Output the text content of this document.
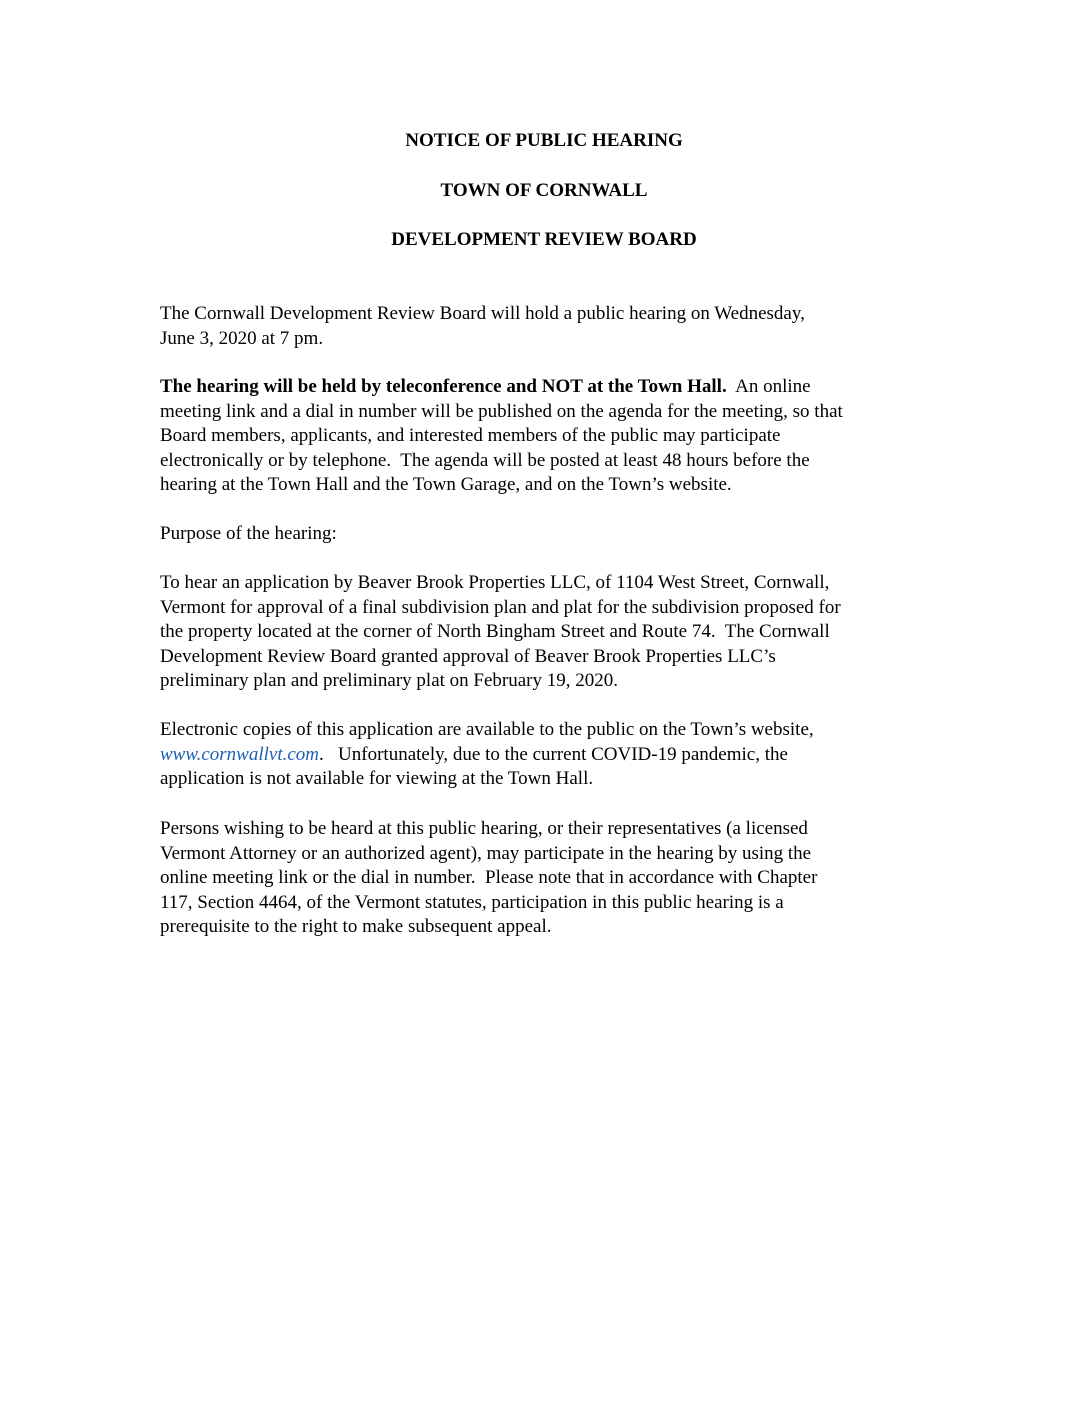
NOTICE OF PUBLIC HEARING
TOWN OF CORNWALL
DEVELOPMENT REVIEW BOARD
The Cornwall Development Review Board will hold a public hearing on Wednesday,
June 3, 2020 at 7 pm.
The hearing will be held by teleconference and NOT at the Town Hall.  An online
meeting link and a dial in number will be published on the agenda for the meeting, so that
Board members, applicants, and interested members of the public may participate
electronically or by telephone.  The agenda will be posted at least 48 hours before the
hearing at the Town Hall and the Town Garage, and on the Town’s website.
Purpose of the hearing:
To hear an application by Beaver Brook Properties LLC, of 1104 West Street, Cornwall,
Vermont for approval of a final subdivision plan and plat for the subdivision proposed for
the property located at the corner of North Bingham Street and Route 74.  The Cornwall
Development Review Board granted approval of Beaver Brook Properties LLC’s
preliminary plan and preliminary plat on February 19, 2020.
Electronic copies of this application are available to the public on the Town’s website,
www.cornwallvt.com.   Unfortunately, due to the current COVID-19 pandemic, the
application is not available for viewing at the Town Hall.
Persons wishing to be heard at this public hearing, or their representatives (a licensed
Vermont Attorney or an authorized agent), may participate in the hearing by using the
online meeting link or the dial in number.  Please note that in accordance with Chapter
117, Section 4464, of the Vermont statutes, participation in this public hearing is a
prerequisite to the right to make subsequent appeal.
